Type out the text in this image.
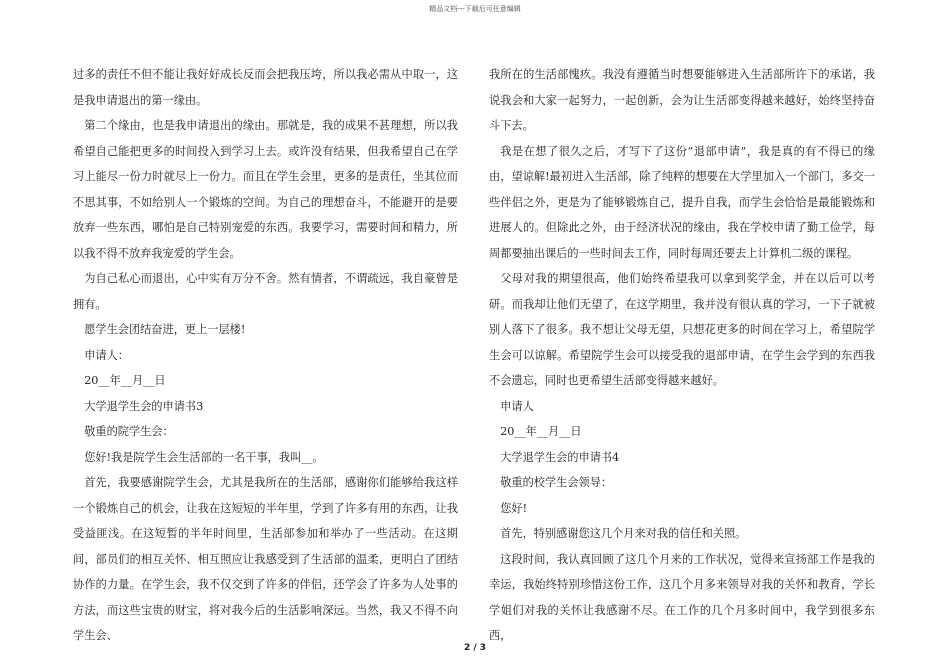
精品文档---下载后可任意编辑

过多的责任不但不能让我好好成长反而会把我压垮，所以我必需从中取一，这是我申请退出的第一缘由。

第二个缘由，也是我申请退出的缘由。那就是，我的成果不甚理想，所以我希望自己能把更多的时间投入到学习上去。或许没有结果，但我希望自己在学习上能尽一份力时就尽上一份力。而且在学生会里，更多的是责任，坐其位而不思其事，不如给别人一个锻炼的空间。为自己的理想奋斗，不能避开的是要放弃一些东西，哪怕是自己特别宠爱的东西。我要学习，需要时间和精力，所以我不得不放弃我宠爱的学生会。

为自己私心而退出，心中实有万分不舍。然有情者，不谓疏远，我自豪曾是拥有。

愿学生会团结奋进，更上一层楼!

申请人：

20__年__月__日

大学退学生会的申请书3

敬重的院学生会：

您好!我是院学生会生活部的一名干事，我叫__。

首先，我要感谢院学生会，尤其是我所在的生活部，感谢你们能够给我这样一个锻炼自己的机会，让我在这短短的半年里，学到了许多有用的东西，让我受益匪浅。在这短暂的半年时间里，生活部参加和举办了一些活动。在这期间，部员们的相互关怀、相互照应让我感受到了生活部的温柔，更明白了团结协作的力量。在学生会，我不仅交到了许多的伴侣，还学会了许多为人处事的方法，而这些宝贵的财宝，将对我今后的生活影响深远。当然，我又不得不向学生会、

我所在的生活部愧疚。我没有遵循当时想要能够进入生活部所许下的承诺，我说我会和大家一起努力，一起创新，会为让生活部变得越来越好，始终坚持奋斗下去。

我是在想了很久之后，才写下了这份“退部申请”，我是真的有不得已的缘由，望谅解!最初进入生活部，除了纯粹的想要在大学里加入一个部门，多交一些伴侣之外，更是为了能够锻炼自己，提升自我，而学生会恰恰是最能锻炼和进展人的。但除此之外，由于经济状况的缘由，我在学校申请了勤工俭学，每周都要抽出课后的一些时间去工作，同时每周还要去上计算机二级的课程。

父母对我的期望很高，他们始终希望我可以拿到奖学金，并在以后可以考研。而我却让他们无望了，在这学期里，我并没有很认真的学习，一下子就被别人落下了很多。我不想让父母无望，只想花更多的时间在学习上，希望院学生会可以谅解。希望院学生会可以接受我的退部申请，在学生会学到的东西我不会遗忘，同时也更希望生活部变得越来越好。

申请人

20__年__月__日

大学退学生会的申请书4

敬重的校学生会领导：

您好!

首先，特别感谢您这几个月来对我的信任和关照。

这段时间，我认真回顾了这几个月来的工作状况，觉得来宣扬部工作是我的幸运，我始终特别珍惜这份工作，这几个月多来领导对我的关怀和教育，学长学姐们对我的关怀让我感谢不尽。在工作的几个月多时间中，我学到很多东西，

2 / 3
